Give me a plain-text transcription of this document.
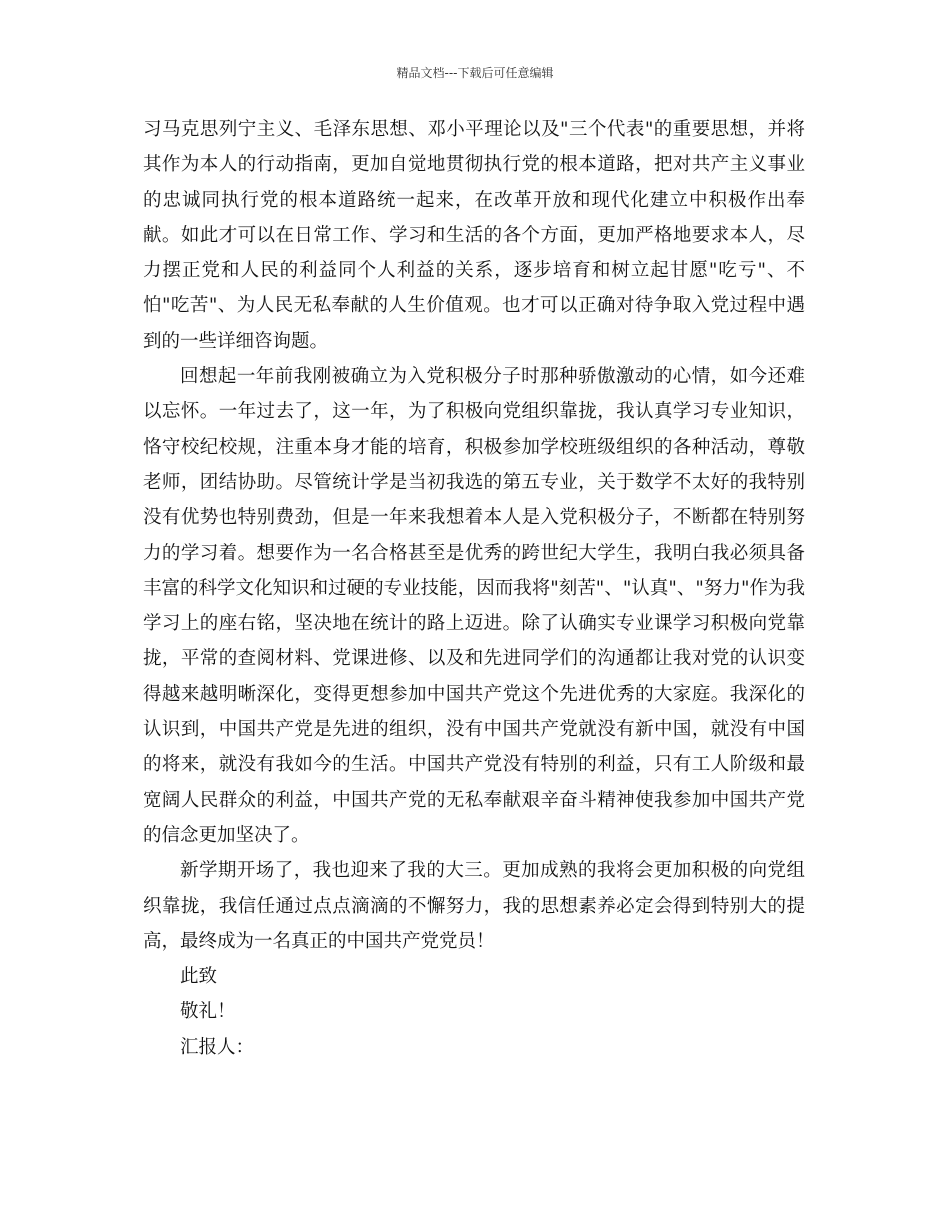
精品文档---下载后可任意编辑

习马克思列宁主义、毛泽东思想、邓小平理论以及"三个代表"的重要思想，并将其作为本人的行动指南，更加自觉地贯彻执行党的根本道路，把对共产主义事业的忠诚同执行党的根本道路统一起来，在改革开放和现代化建立中积极作出奉献。如此才可以在日常工作、学习和生活的各个方面，更加严格地要求本人，尽力摆正党和人民的利益同个人利益的关系，逐步培育和树立起甘愿"吃亏"、不怕"吃苦"、为人民无私奉献的人生价值观。也才可以正确对待争取入党过程中遇到的一些详细咨询题。

回想起一年前我刚被确立为入党积极分子时那种骄傲激动的心情，如今还难以忘怀。一年过去了，这一年，为了积极向党组织靠拢，我认真学习专业知识，恪守校纪校规，注重本身才能的培育，积极参加学校班级组织的各种活动，尊敬老师，团结协助。尽管统计学是当初我选的第五专业，关于数学不太好的我特别没有优势也特别费劲，但是一年来我想着本人是入党积极分子，不断都在特别努力的学习着。想要作为一名合格甚至是优秀的跨世纪大学生，我明白我必须具备丰富的科学文化知识和过硬的专业技能，因而我将"刻苦"、"认真"、"努力"作为我学习上的座右铭，坚决地在统计的路上迈进。除了认确实专业课学习积极向党靠拢，平常的查阅材料、党课进修、以及和先进同学们的沟通都让我对党的认识变得越来越明晰深化，变得更想参加中国共产党这个先进优秀的大家庭。我深化的认识到，中国共产党是先进的组织，没有中国共产党就没有新中国，就没有中国的将来，就没有我如今的生活。中国共产党没有特别的利益，只有工人阶级和最宽阔人民群众的利益，中国共产党的无私奉献艰辛奋斗精神使我参加中国共产党的信念更加坚决了。

新学期开场了，我也迎来了我的大三。更加成熟的我将会更加积极的向党组织靠拢，我信任通过点点滴滴的不懈努力，我的思想素养必定会得到特别大的提高，最终成为一名真正的中国共产党党员！

此致

敬礼！

汇报人：
